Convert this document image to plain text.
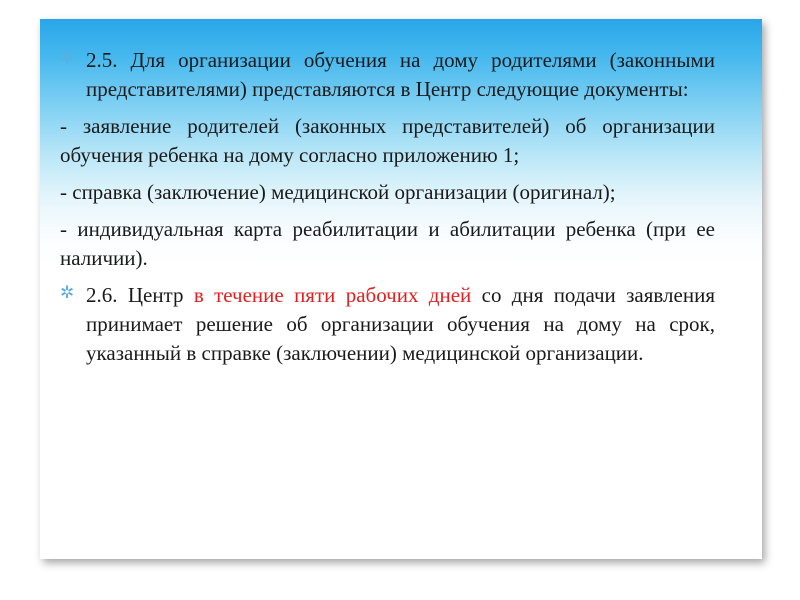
✲ 2.5. Для организации обучения на дому родителями (законными представителями) представляются в Центр следующие документы:

- заявление родителей (законных представителей) об организации обучения ребенка на дому согласно приложению 1;

- справка (заключение) медицинской организации (оригинал);

- индивидуальная карта реабилитации и абилитации ребенка (при ее наличии).

✲ 2.6. Центр в течение пяти рабочих дней со дня подачи заявления принимает решение об организации обучения на дому на срок, указанный в справке (заключении) медицинской организации.
